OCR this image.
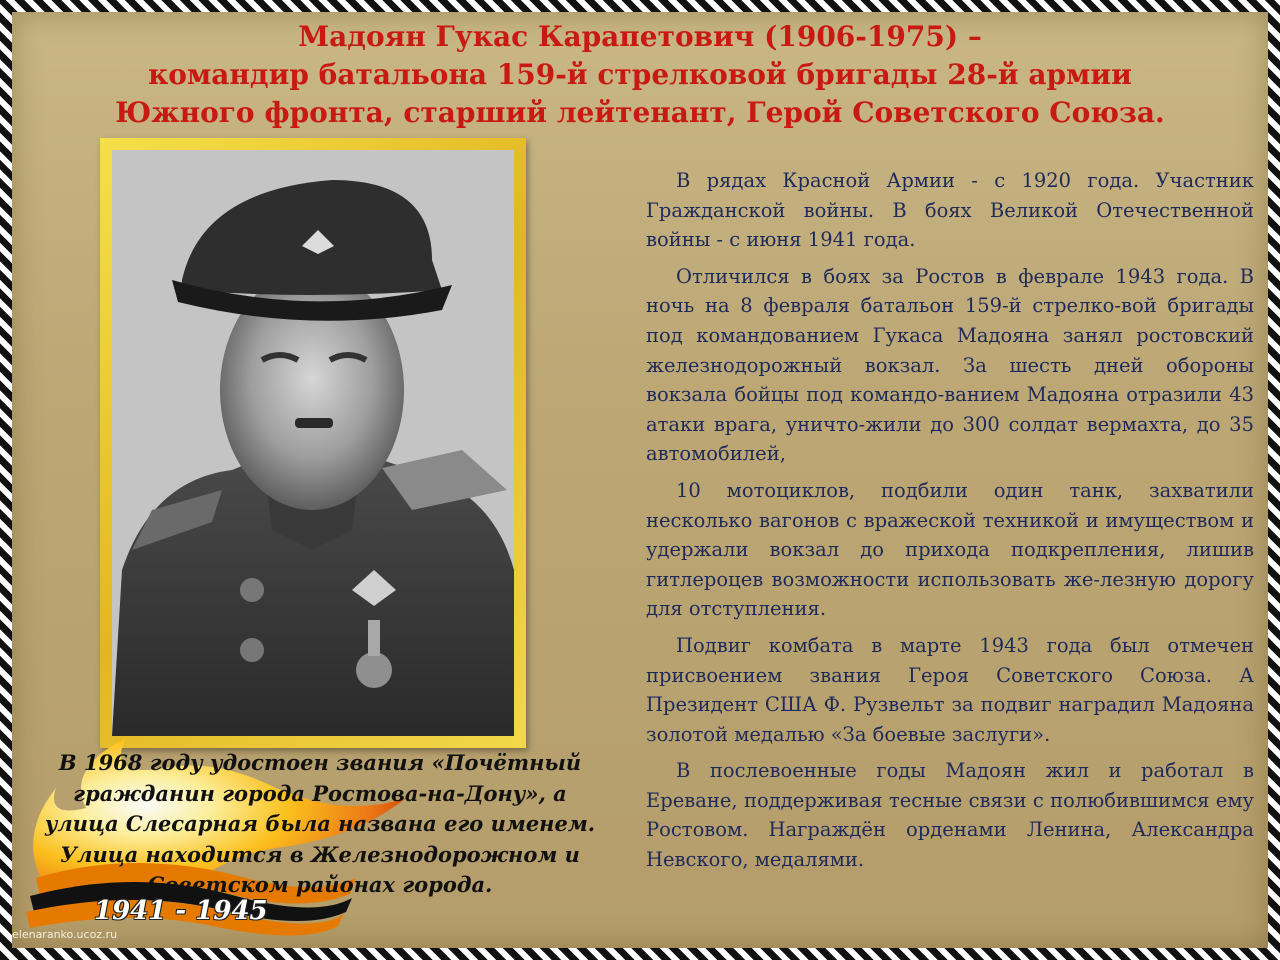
Мадоян Гукас Карапетович (1906-1975) –
командир батальона 159-й стрелковой бригады 28-й армии
Южного фронта, старший лейтенант, Герой Советского Союза.

В рядах Красной Армии - с 1920 года. Участник Гражданской войны. В боях Великой Отечественной войны - с июня 1941 года.

Отличился в боях за Ростов в феврале 1943 года. В ночь на 8 февраля батальон 159-й стрелко-вой бригады под командованием Гукаса Мадояна занял ростовский железнодорожный вокзал. За шесть дней обороны вокзала бойцы под командо-ванием Мадояна отразили 43 атаки врага, уничто-жили до 300 солдат вермахта, до 35 автомобилей,

10 мотоциклов, подбили один танк, захватили несколько вагонов с вражеской техникой и имуществом и удержали вокзал до прихода подкрепления, лишив гитлероцев возможности использовать же-лезную дорогу для отступления.

Подвиг комбата в марте 1943 года был отмечен присвоением звания Героя Советского Союза. А Президент США Ф. Рузвельт за подвиг наградил Мадояна золотой медалью «За боевые заслуги».

В послевоенные годы Мадоян жил и работал в Ереване, поддерживая тесные связи с полюбившимся ему Ростовом. Награждён орденами Ленина, Александра Невского, медалями.

В 1968 году удостоен звания «Почётный
гражданин города Ростова-на-Дону», а
улица Слесарная была названа его именем.
Улица находится в Железнодорожном и
Советском районах города.

1941 - 1945

elenaranko.ucoz.ru
